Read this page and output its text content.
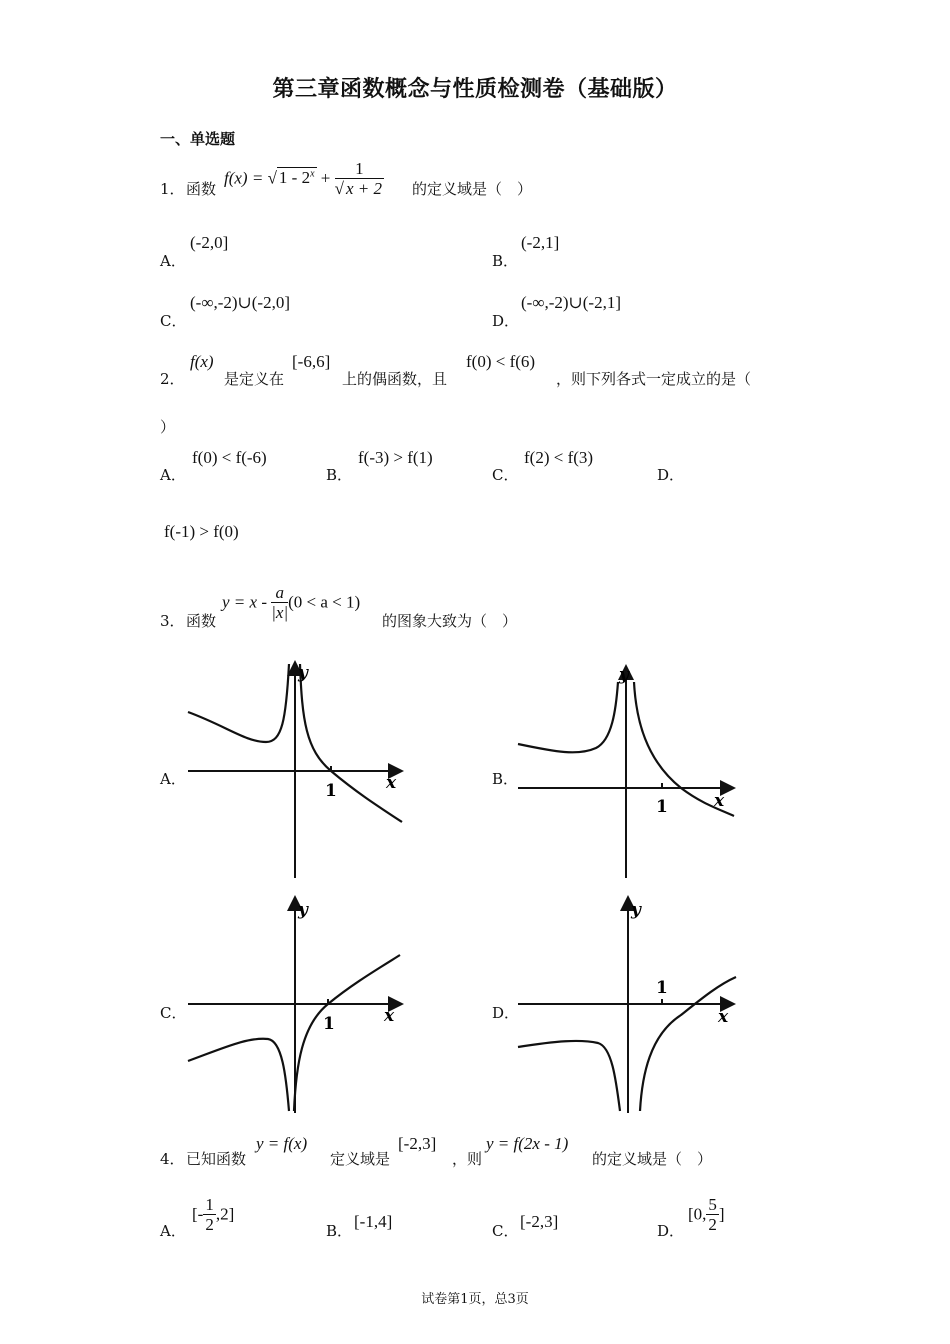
第三章函数概念与性质检测卷（基础版）
一、单选题
1． 函数
f(x) = √ $1 - 2^x + \frac{1}{√ x + 2}$ 的定义域是（　）
A．
(-2,0]
B．
(-2,1]
C．
(-∞,-2)∪(-2,0]
D．
(-∞,-2)∪(-2,1]
2．
f(x)
是定义在
[-6,6]
上的偶函数，且
f(0) < f(6)
，则下列各式一定成立的是（
）
A．
f(0) < f(-6)
B．
f(-3) > f(1)
C．
f(2) < f(3)
D．
f(-1) > f(0)
3． 函数
$y = x - \frac{a}{|x|} (0 < a < 1)$
的图象大致为（　）
A．	B．
C．	D．
y
x
1
y
x
1
y
x
1
y
x
1
4． 已知函数
y = f(x)
定义域是
[-2,3]
，则
y = f(2x - 1)
的定义域是（　）
A．
[- $\frac{1}{2} ,2$]
B． [-1,4]	C． [-2,3]	D．
[0, $\frac{5}{2}$ ]
试卷第1页，总3页
